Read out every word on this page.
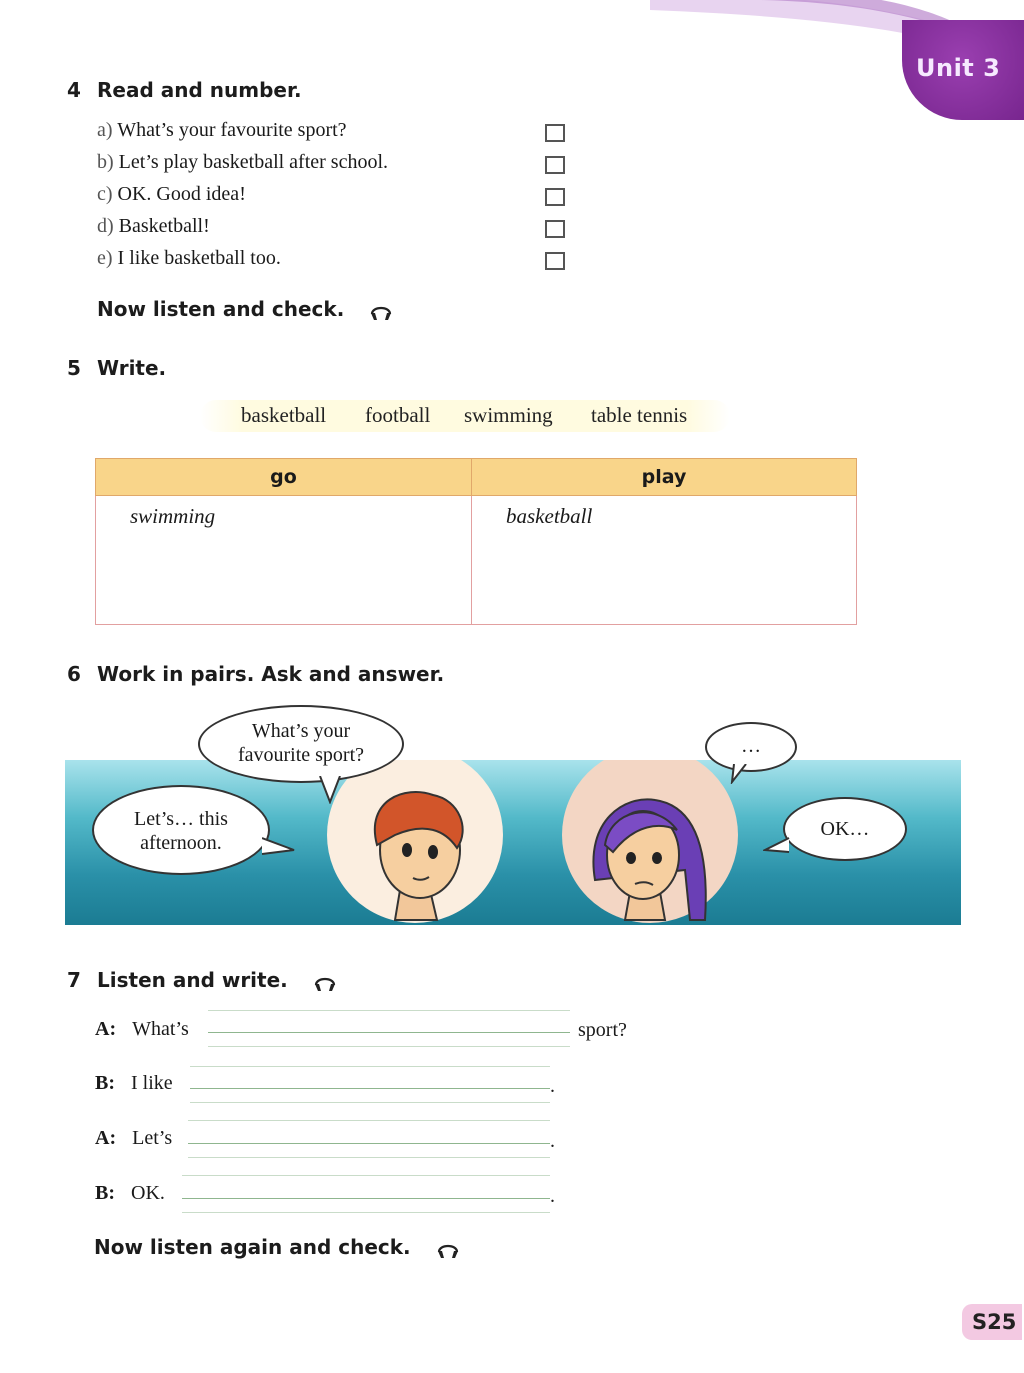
Unit 3
4 Read and number.
a) What’s your favourite sport?
b) Let’s play basketball after school.
c) OK. Good idea!
d) Basketball!
e) I like basketball too.
Now listen and check.
5 Write.
basketball football swimming table tennis
go	play
swimming	basketball
6 Work in pairs. Ask and answer.
What’s your
favourite sport?
Let’s… this
afternoon.
…
OK…
7 Listen and write.
A: What’s	sport?
B: I like	.
A: Let’s	.
B: OK.	.
Now listen again and check.
S25
